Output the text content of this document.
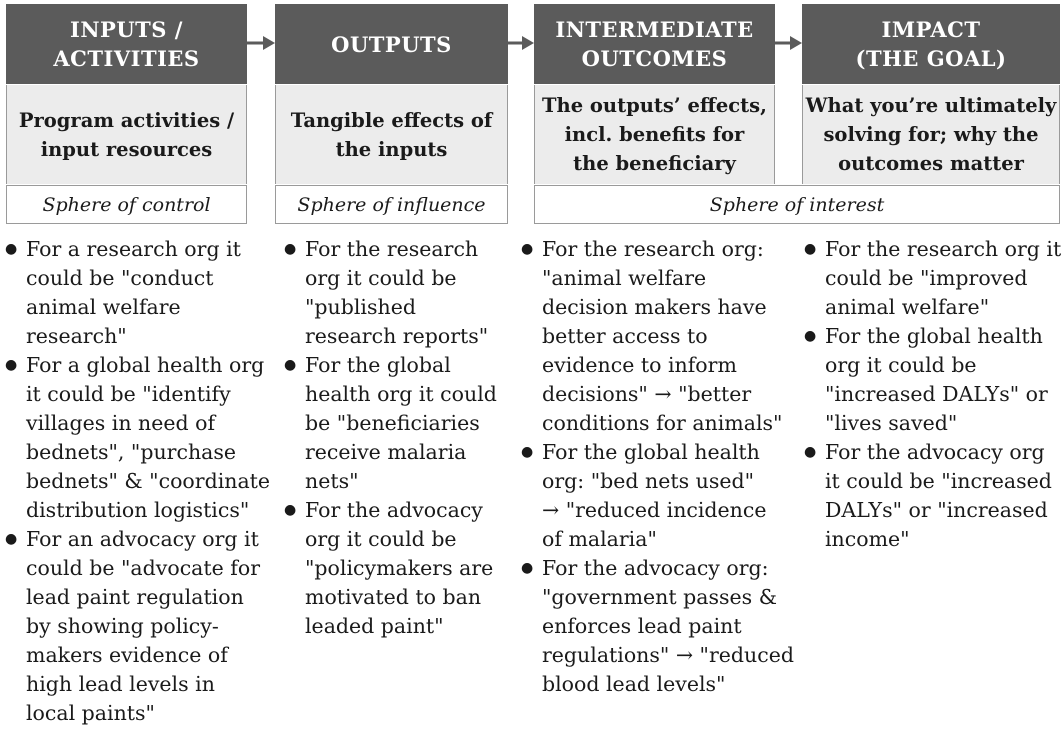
INPUTS /
ACTIVITIES
OUTPUTS
INTERMEDIATE
OUTCOMES
IMPACT
(THE GOAL)
Program activities /
input resources
Tangible effects of
the inputs
The outputs’ effects,
incl. benefits for
the beneficiary
What you’re ultimately
solving for; why the
outcomes matter
Sphere of control	Sphere of influence	Sphere of interest
● For a research org it
could be "conduct
animal welfare
research"
● For a global health org
it could be "identify
villages in need of
bednets", "purchase
bednets" & "coordinate
distribution logistics"
● For an advocacy org it
could be "advocate for
lead paint regulation
by showing policy-
makers evidence of
high lead levels in
local paints"
● For the research
org it could be
"published
research reports"
● For the global
health org it could
be "beneficiaries
receive malaria
nets"
● For the advocacy
org it could be
"policymakers are
motivated to ban
leaded paint"
● For the research org:
"animal welfare
decision makers have
better access to
evidence to inform
decisions" → "better
conditions for animals"
● For the global health
org: "bed nets used"
→ "reduced incidence
of malaria"
● For the advocacy org:
"government passes &
enforces lead paint
regulations" → "reduced
blood lead levels"
● For the research org it
could be "improved
animal welfare"
● For the global health
org it could be
"increased DALYs" or
"lives saved"
● For the advocacy org
it could be "increased
DALYs" or "increased
income"
